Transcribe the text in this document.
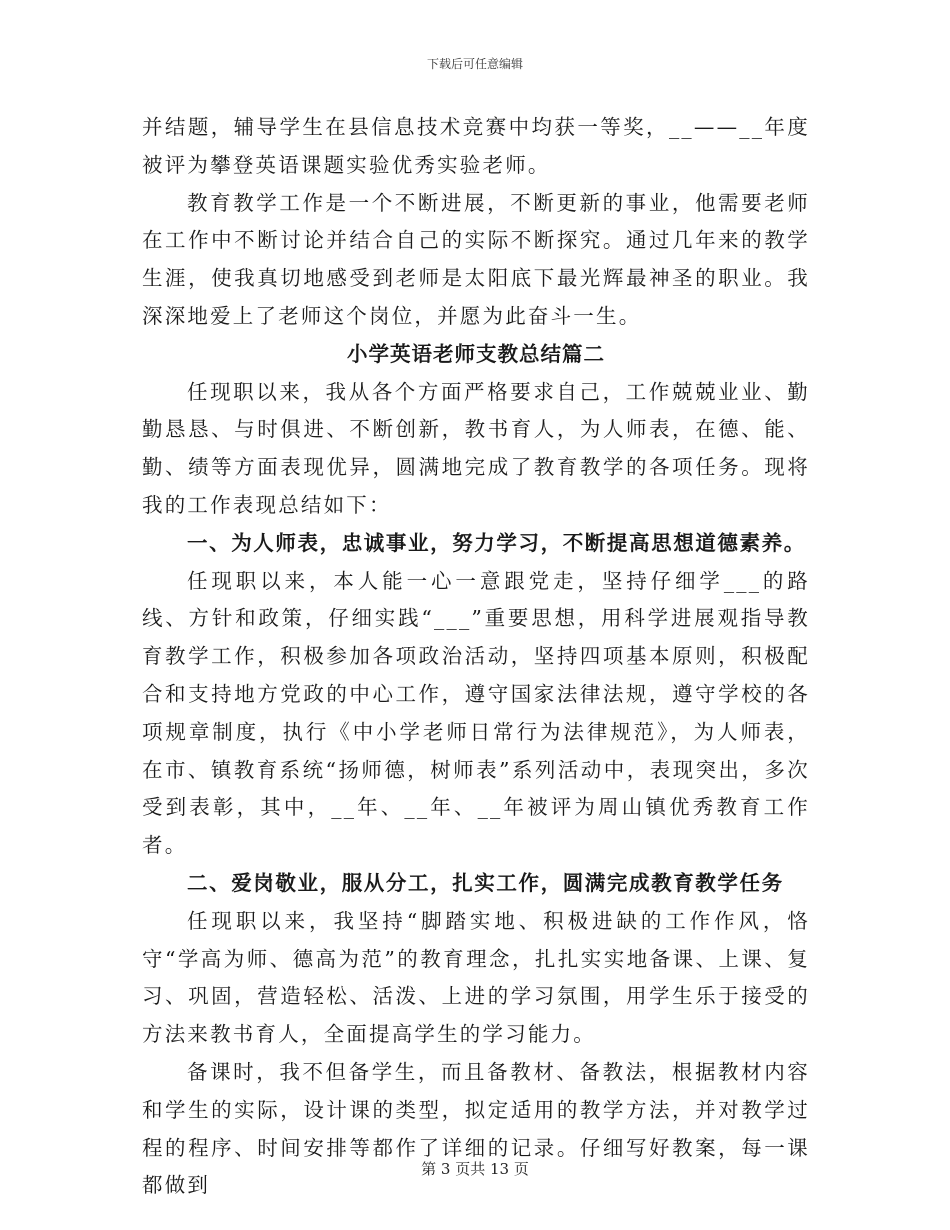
下载后可任意编辑

并结题，辅导学生在县信息技术竞赛中均获一等奖，__——__年度被评为攀登英语课题实验优秀实验老师。

教育教学工作是一个不断进展，不断更新的事业，他需要老师在工作中不断讨论并结合自己的实际不断探究。通过几年来的教学生涯，使我真切地感受到老师是太阳底下最光辉最神圣的职业。我深深地爱上了老师这个岗位，并愿为此奋斗一生。

小学英语老师支教总结篇二

任现职以来，我从各个方面严格要求自己，工作兢兢业业、勤勤恳恳、与时俱进、不断创新，教书育人，为人师表，在德、能、勤、绩等方面表现优异，圆满地完成了教育教学的各项任务。现将我的工作表现总结如下：

一、为人师表，忠诚事业，努力学习，不断提高思想道德素养。

任现职以来，本人能一心一意跟党走，坚持仔细学___的路线、方针和政策，仔细实践“___”重要思想，用科学进展观指导教育教学工作，积极参加各项政治活动，坚持四项基本原则，积极配合和支持地方党政的中心工作，遵守国家法律法规，遵守学校的各项规章制度，执行《中小学老师日常行为法律规范》，为人师表，在市、镇教育系统“扬师德，树师表”系列活动中，表现突出，多次受到表彰，其中，__年、__年、__年被评为周山镇优秀教育工作者。

二、爱岗敬业，服从分工，扎实工作，圆满完成教育教学任务

任现职以来，我坚持“脚踏实地、积极进缺的工作作风，恪守“学高为师、德高为范”的教育理念，扎扎实实地备课、上课、复习、巩固，营造轻松、活泼、上进的学习氛围，用学生乐于接受的方法来教书育人，全面提高学生的学习能力。

备课时，我不但备学生，而且备教材、备教法，根据教材内容和学生的实际，设计课的类型，拟定适用的教学方法，并对教学过程的程序、时间安排等都作了详细的记录。仔细写好教案，每一课都做到

第 3 页共 13 页
